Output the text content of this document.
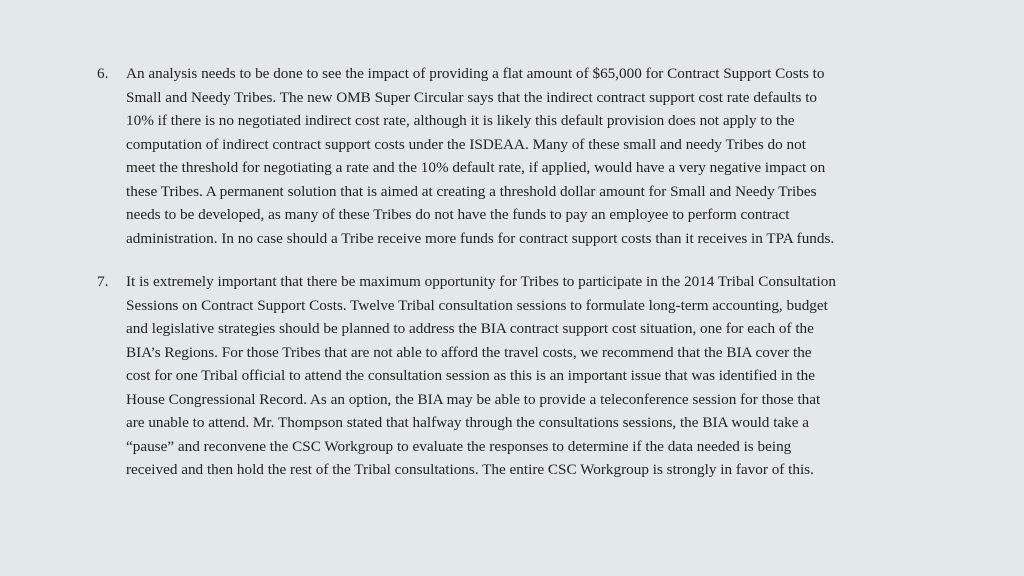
6.	An analysis needs to be done to see the impact of providing a flat amount of $65,000 for Contract Support Costs to
Small and Needy Tribes. The new OMB Super Circular says that the indirect contract support cost rate defaults to
10% if there is no negotiated indirect cost rate, although it is likely this default provision does not apply to the
computation of indirect contract support costs under the ISDEAA. Many of these small and needy Tribes do not
meet the threshold for negotiating a rate and the 10% default rate, if applied, would have a very negative impact on
these Tribes. A permanent solution that is aimed at creating a threshold dollar amount for Small and Needy Tribes
needs to be developed, as many of these Tribes do not have the funds to pay an employee to perform contract
administration. In no case should a Tribe receive more funds for contract support costs than it receives in TPA funds.
7.	It is extremely important that there be maximum opportunity for Tribes to participate in the 2014 Tribal Consultation
Sessions on Contract Support Costs. Twelve Tribal consultation sessions to formulate long-term accounting, budget
and legislative strategies should be planned to address the BIA contract support cost situation, one for each of the
BIA’s Regions. For those Tribes that are not able to afford the travel costs, we recommend that the BIA cover the
cost for one Tribal official to attend the consultation session as this is an important issue that was identified in the
House Congressional Record. As an option, the BIA may be able to provide a teleconference session for those that
are unable to attend. Mr. Thompson stated that halfway through the consultations sessions, the BIA would take a
“pause” and reconvene the CSC Workgroup to evaluate the responses to determine if the data needed is being
received and then hold the rest of the Tribal consultations. The entire CSC Workgroup is strongly in favor of this.
